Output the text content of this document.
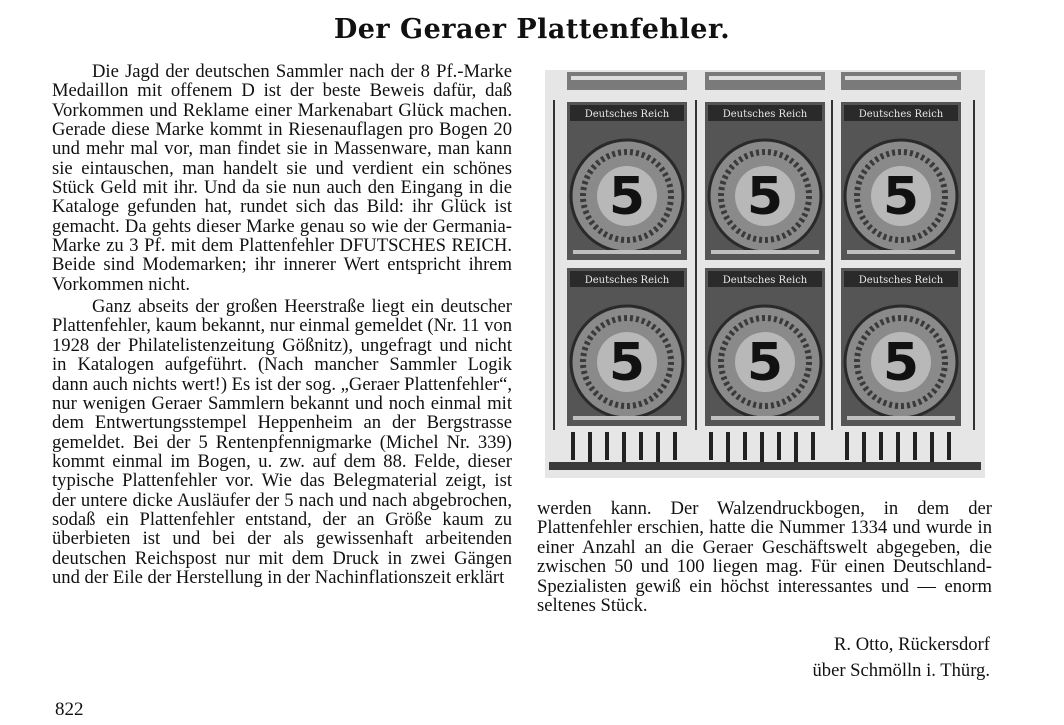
Der Geraer Plattenfehler.

Die Jagd der deutschen Sammler nach der 8 Pf.-Marke Medaillon mit offenem D ist der beste Beweis dafür, daß Vorkommen und Reklame einer Markenabart Glück machen. Gerade diese Marke kommt in Riesenauflagen pro Bogen 20 und mehr mal vor, man findet sie in Massenware, man kann sie eintauschen, man handelt sie und verdient ein schönes Stück Geld mit ihr. Und da sie nun auch den Eingang in die Kataloge gefunden hat, rundet sich das Bild: ihr Glück ist gemacht. Da gehts dieser Marke genau so wie der Germania-Marke zu 3 Pf. mit dem Plattenfehler DFUTSCHES REICH. Beide sind Modemarken; ihr innerer Wert entspricht ihrem Vorkommen nicht.

Ganz abseits der großen Heerstraße liegt ein deutscher Plattenfehler, kaum bekannt, nur einmal gemeldet (Nr. 11 von 1928 der Philatelistenzeitung Gößnitz), ungefragt und nicht in Katalogen aufgeführt. (Nach mancher Sammler Logik dann auch nichts wert!) Es ist der sog. „Geraer Plattenfehler“, nur wenigen Geraer Sammlern bekannt und noch einmal mit dem Entwertungsstempel Heppenheim an der Bergstrasse gemeldet. Bei der 5 Rentenpfennigmarke (Michel Nr. 339) kommt einmal im Bogen, u. zw. auf dem 88. Felde, dieser typische Plattenfehler vor. Wie das Belegmaterial zeigt, ist der untere dicke Ausläufer der 5 nach und nach abgebrochen, sodaß ein Plattenfehler entstand, der an Größe kaum zu überbieten ist und bei der als gewissenhaft arbeitenden deutschen Reichspost nur mit dem Druck in zwei Gängen und der Eile der Herstellung in der Nachinflationszeit erklärt

Deutsches Reich
5
Deutsches Reich
5
Deutsches Reich
5
Deutsches Reich
5
Deutsches Reich
5
Deutsches Reich
5

werden kann. Der Walzendruckbogen, in dem der Plattenfehler erschien, hatte die Nummer 1334 und wurde in einer Anzahl an die Geraer Geschäftswelt abgegeben, die zwischen 50 und 100 liegen mag. Für einen Deutschland-Spezialisten gewiß ein höchst interessantes und — enorm seltenes Stück.

R. Otto, Rückersdorf
über Schmölln i. Thürg.
822
